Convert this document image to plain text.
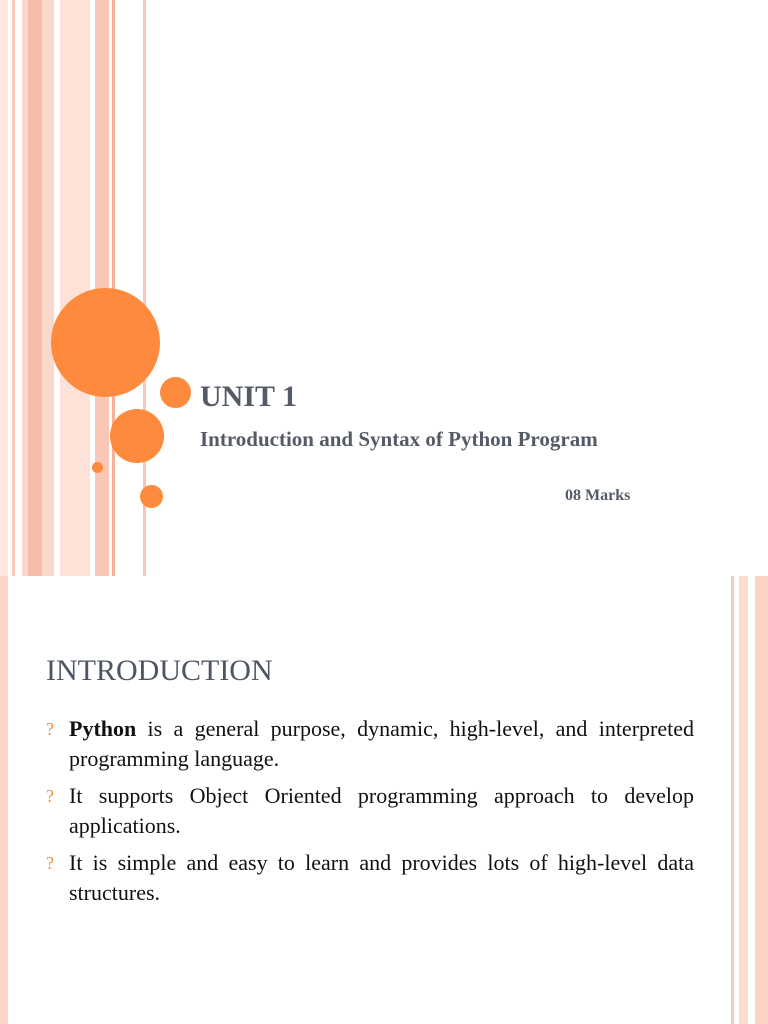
UNIT 1
Introduction and Syntax of Python Program

08 Marks

INTRODUCTION
? Python is a general purpose, dynamic, high-level, and interpreted programming language.
? It supports Object Oriented programming approach to develop applications.
? It is simple and easy to learn and provides lots of high-level data structures.
